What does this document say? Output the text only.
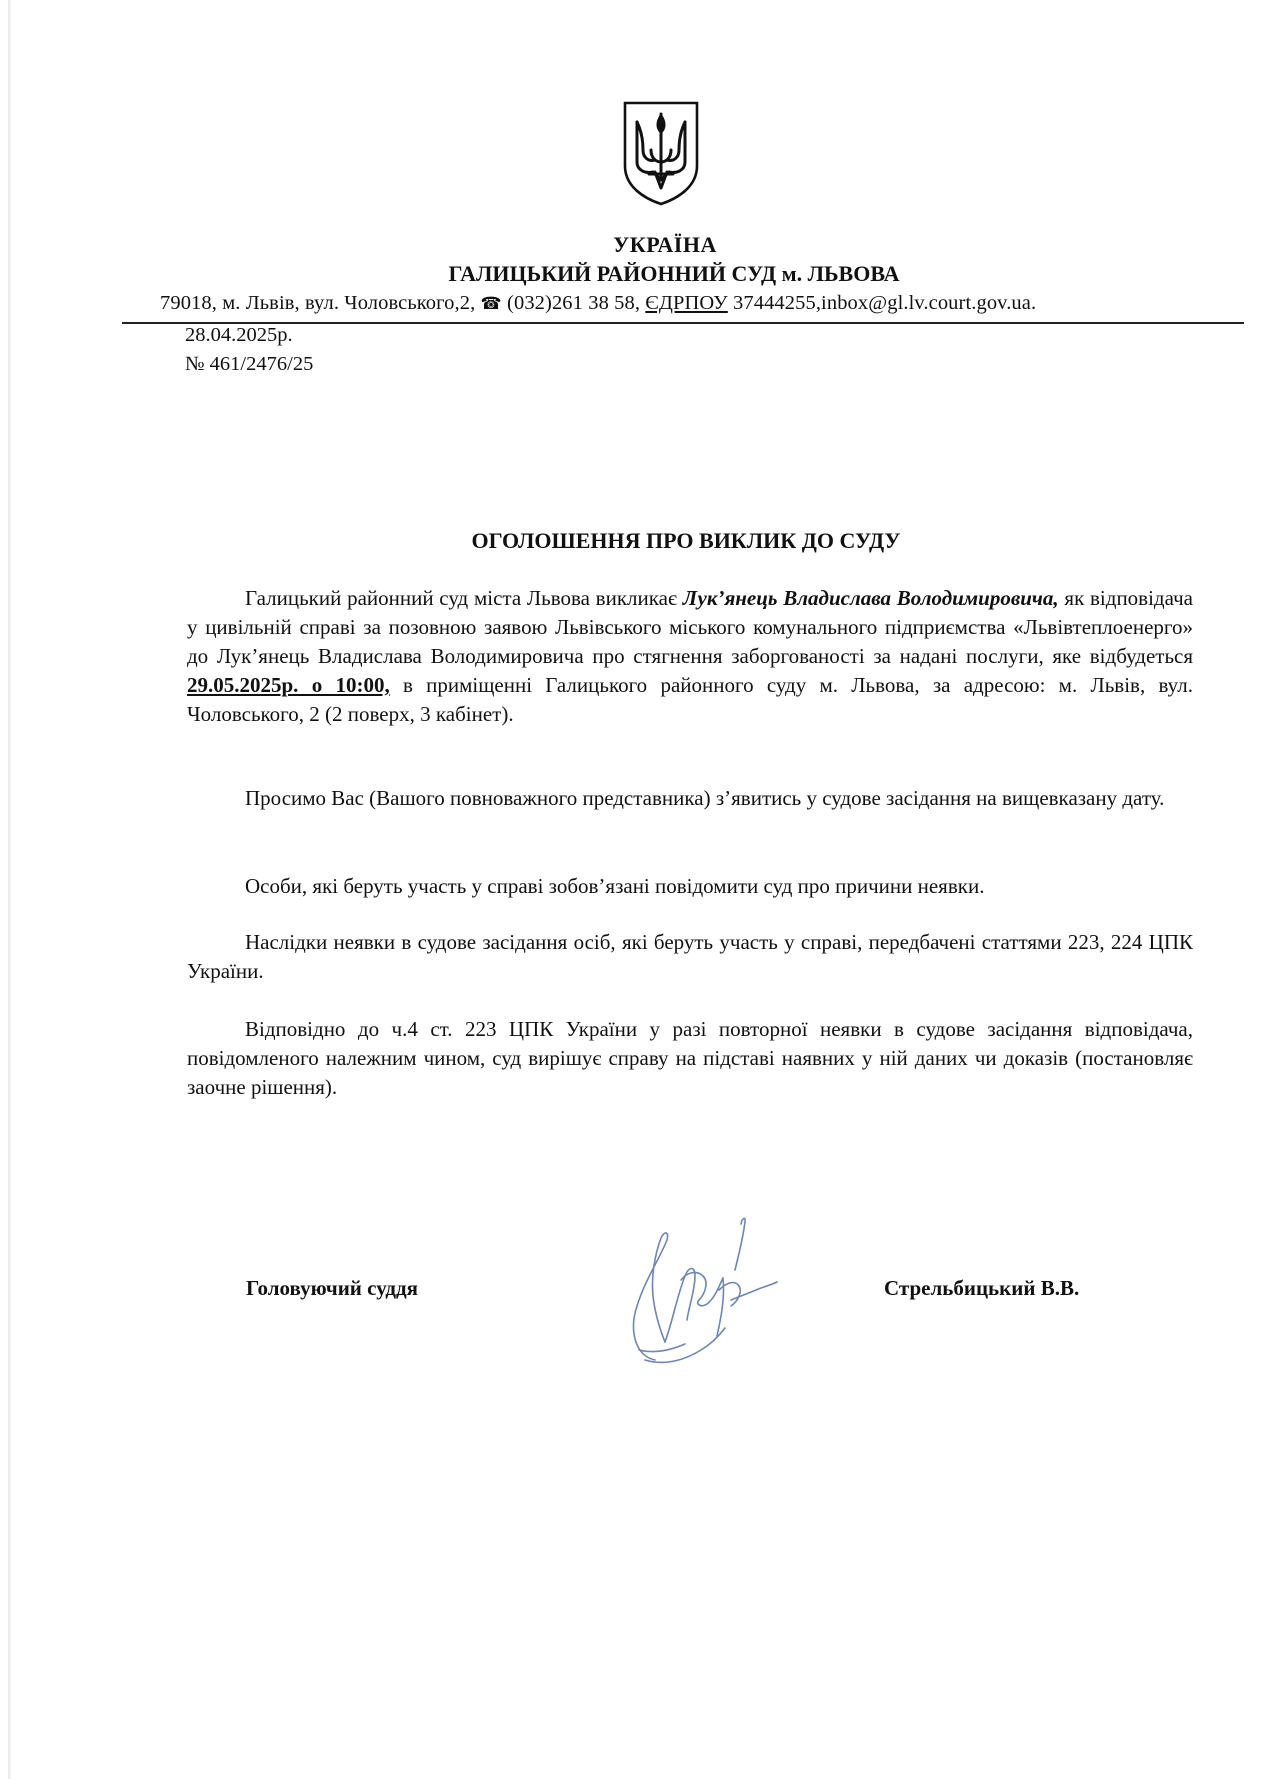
УКРАЇНА
ГАЛИЦЬКИЙ РАЙОННИЙ СУД м. ЛЬВОВА
79018, м. Львів, вул. Чоловського,2, ☎ (032)261 38 58, ЄДРПОУ 37444255,inbox@gl.lv.court.gov.ua.
28.04.2025р.
№ 461/2476/25
ОГОЛОШЕННЯ ПРО ВИКЛИК ДО СУДУ

Галицький районний суд міста Львова викликає Лук’янець Владислава Володимировича, як відповідача у цивільній справі за позовною заявою Львівського міського комунального підприємства «Львівтеплоенерго» до Лук’янець Владислава Володимировича про стягнення заборгованості за надані послуги, яке відбудеться 29.05.2025р. о 10:00, в приміщенні Галицького районного суду м. Львова, за адресою: м. Львів, вул. Чоловського, 2 (2 поверх, 3 кабінет).

Просимо Вас (Вашого повноважного представника) з’явитись у судове засідання на вищевказану дату.

Особи, які беруть участь у справі зобов’язані повідомити суд про причини неявки.

Наслідки неявки в судове засідання осіб, які беруть участь у справі, передбачені статтями 223, 224 ЦПК України.

Відповідно до ч.4 ст. 223 ЦПК України у разі повторної неявки в судове засідання відповідача, повідомленого належним чином, суд вирішує справу на підставі наявних у ній даних чи доказів (постановляє заочне рішення).

Головуючий суддя	Стрельбицький В.В.
